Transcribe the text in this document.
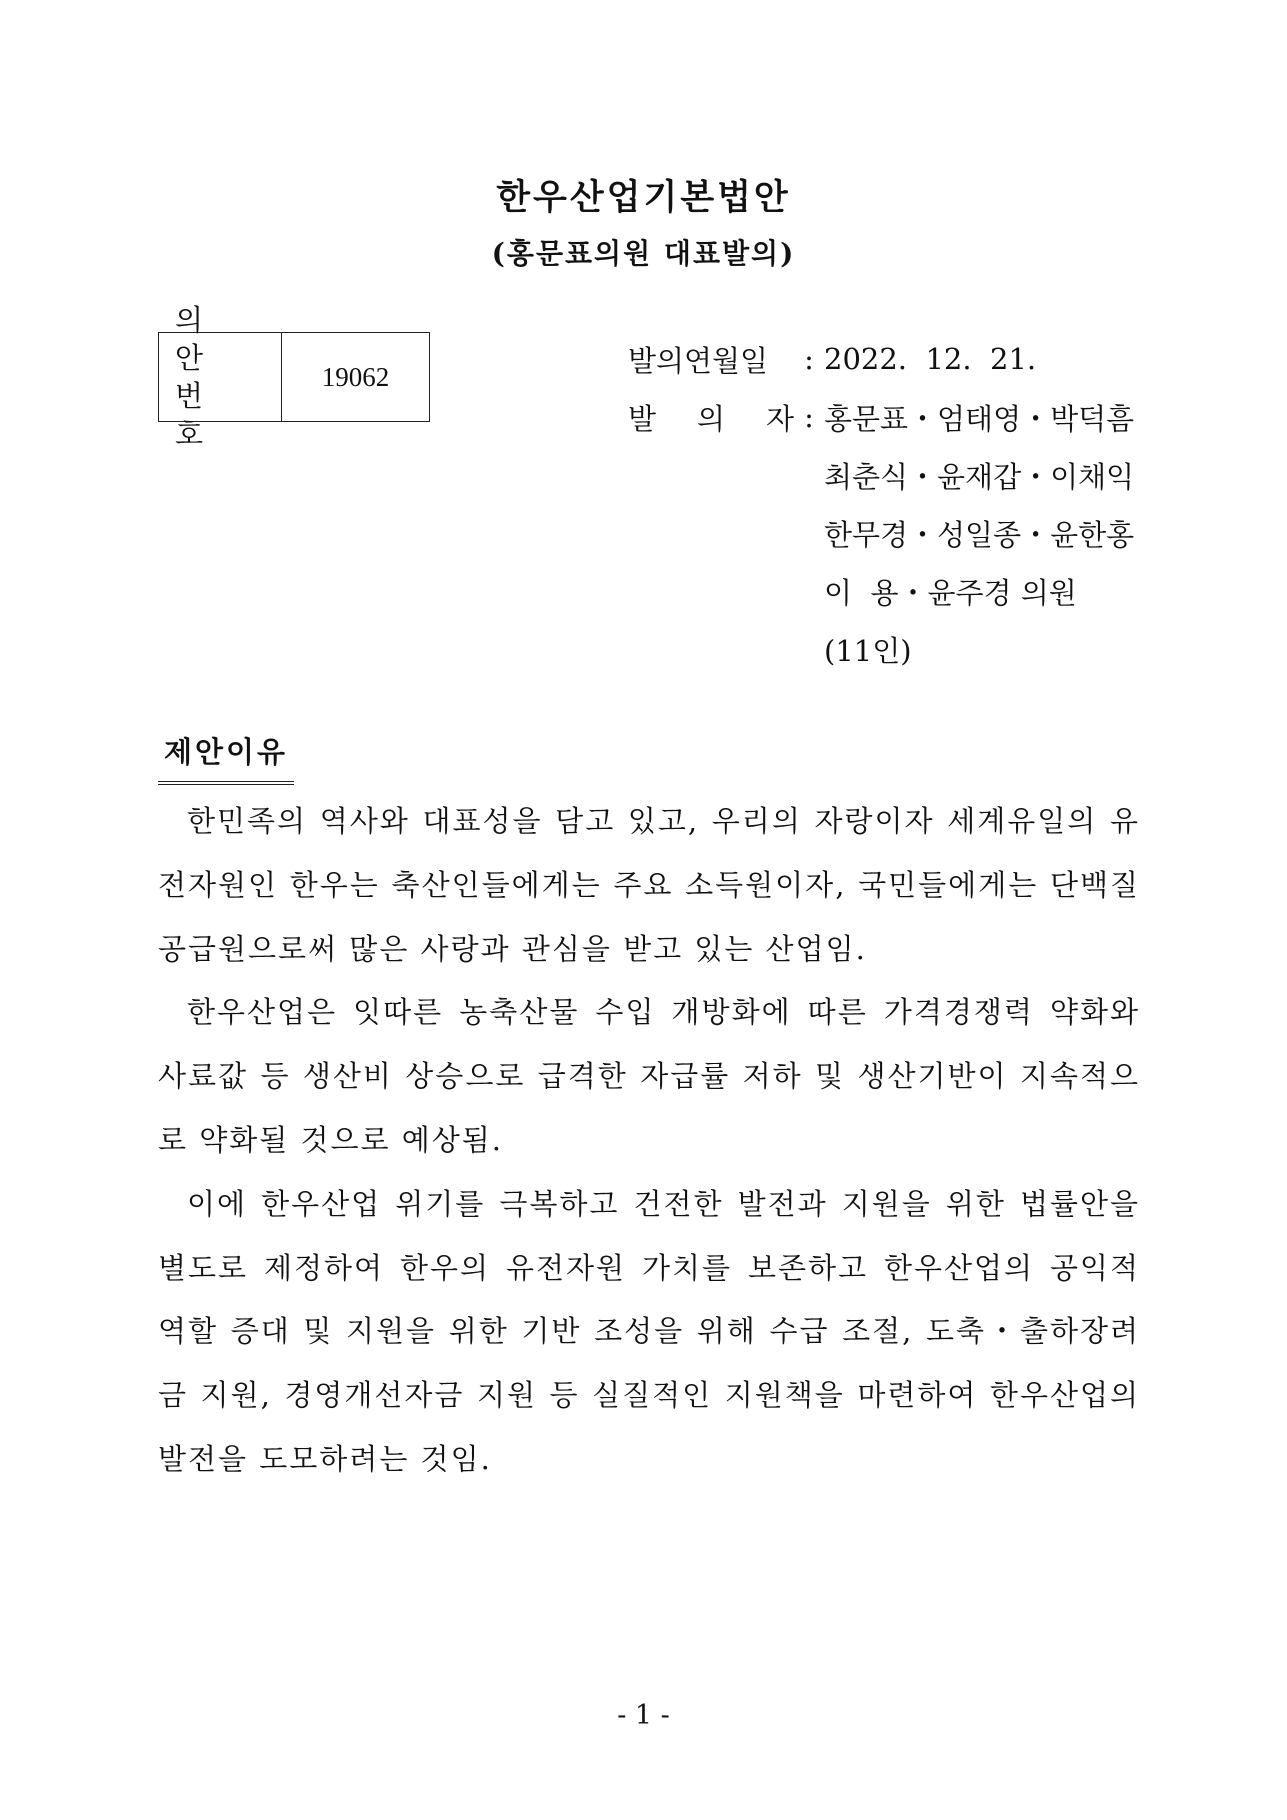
한우산업기본법안
(홍문표의원 대표발의)
의 안
번 호
19062	발의연월일	: 2022.  12.  21.
발 의 자 : 홍문표・엄태영・박덕흠
최춘식・윤재갑・이채익
한무경・성일종・윤한홍
이  용・윤주경 의원
(11인)
제안이유

한민족의 역사와 대표성을 담고 있고, 우리의 자랑이자 세계유일의 유전자원인 한우는 축산인들에게는 주요 소득원이자, 국민들에게는 단백질 공급원으로써 많은 사랑과 관심을 받고 있는 산업임.

한우산업은 잇따른 농축산물 수입 개방화에 따른 가격경쟁력 약화와 사료값 등 생산비 상승으로 급격한 자급률 저하 및 생산기반이 지속적으로 약화될 것으로 예상됨.

이에 한우산업 위기를 극복하고 건전한 발전과 지원을 위한 법률안을 별도로 제정하여 한우의 유전자원 가치를 보존하고 한우산업의 공익적 역할 증대 및 지원을 위한 기반 조성을 위해 수급 조절, 도축・출하장려금 지원, 경영개선자금 지원 등 실질적인 지원책을 마련하여 한우산업의 발전을 도모하려는 것임.

- 1 -
